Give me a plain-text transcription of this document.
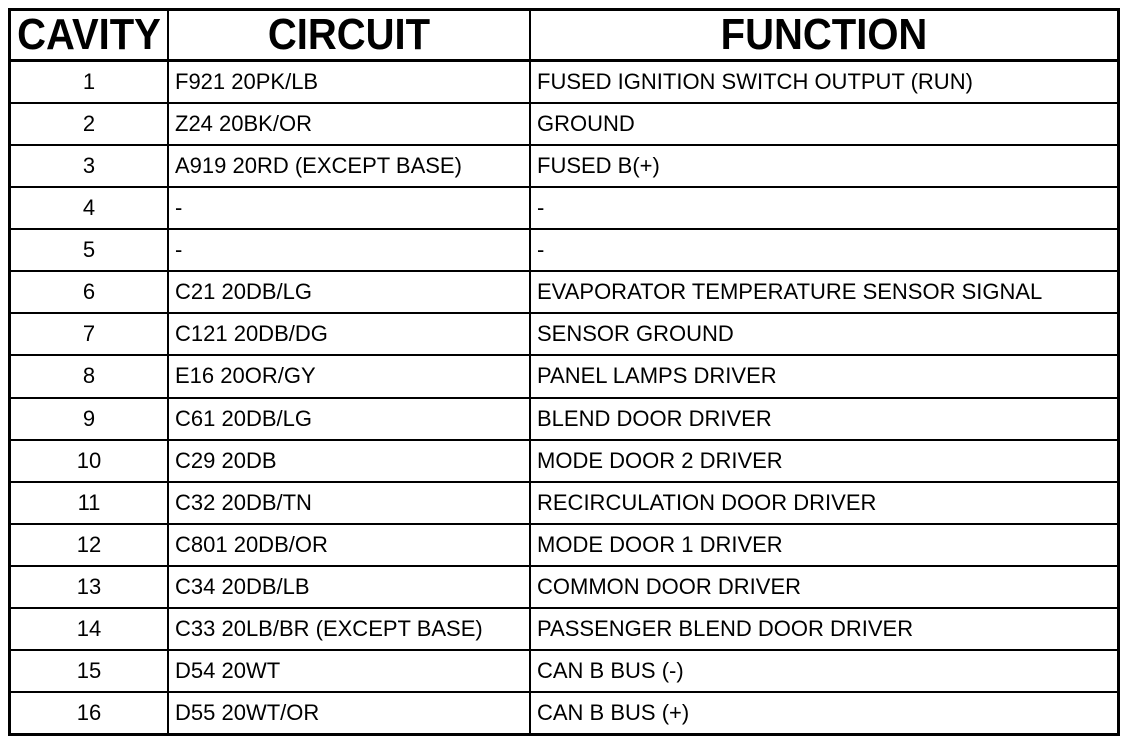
CAVITY	CIRCUIT	FUNCTION
1	F921 20PK/LB	FUSED IGNITION SWITCH OUTPUT (RUN)
2	Z24 20BK/OR	GROUND
3	A919 20RD (EXCEPT BASE)	FUSED B(+)
4	-	-
5	-	-
6	C21 20DB/LG	EVAPORATOR TEMPERATURE SENSOR SIGNAL
7	C121 20DB/DG	SENSOR GROUND
8	E16 20OR/GY	PANEL LAMPS DRIVER
9	C61 20DB/LG	BLEND DOOR DRIVER
10	C29 20DB	MODE DOOR 2 DRIVER
11	C32 20DB/TN	RECIRCULATION DOOR DRIVER
12	C801 20DB/OR	MODE DOOR 1 DRIVER
13	C34 20DB/LB	COMMON DOOR DRIVER
14	C33 20LB/BR (EXCEPT BASE)	PASSENGER BLEND DOOR DRIVER
15	D54 20WT	CAN B BUS (-)
16	D55 20WT/OR	CAN B BUS (+)
